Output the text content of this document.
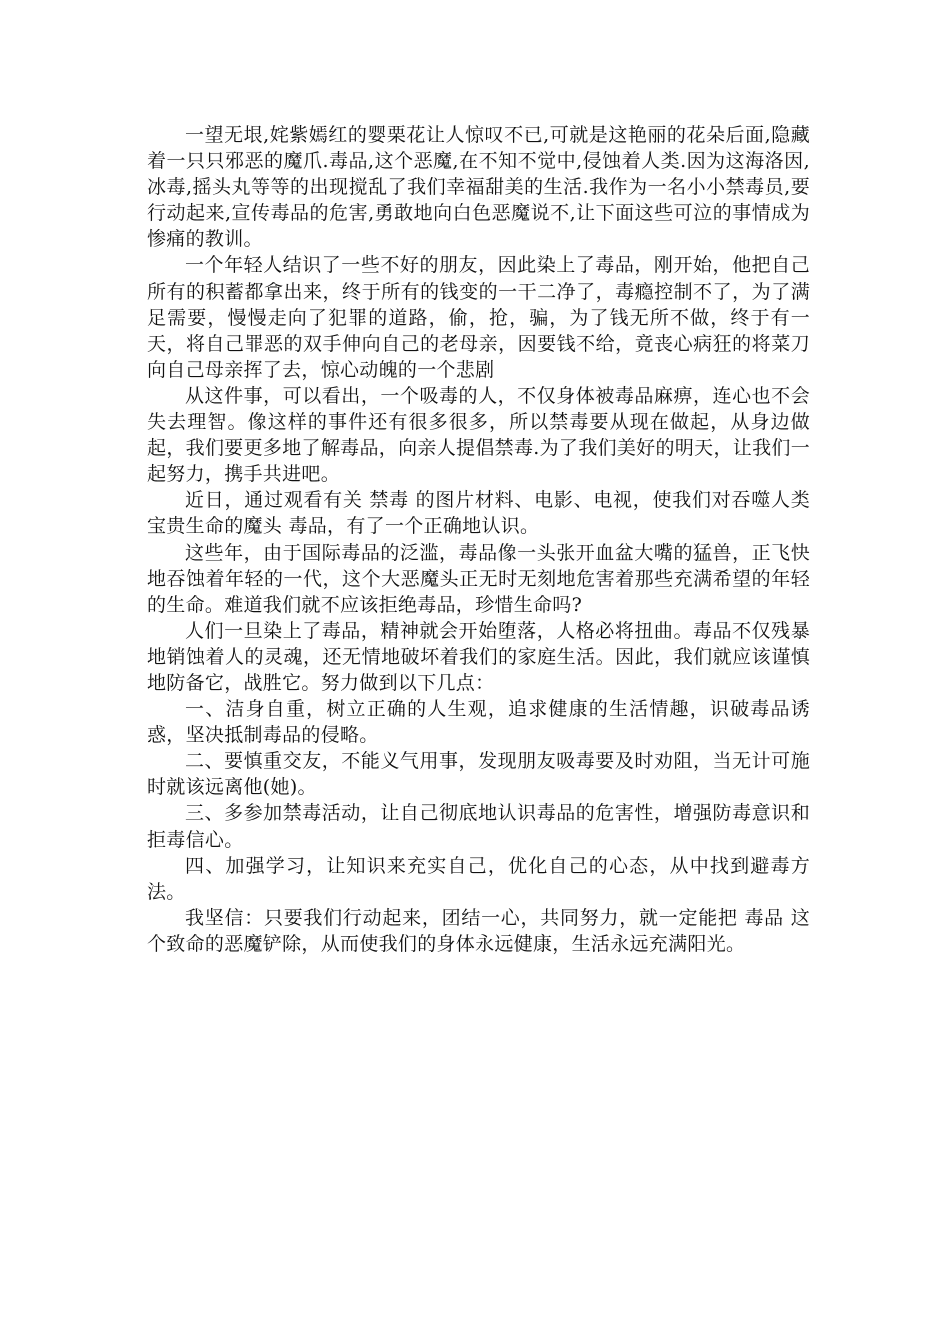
一望无垠,姹紫嫣红的婴栗花让人惊叹不已,可就是这艳丽的花朵后面,隐藏着一只只邪恶的魔爪.毒品,这个恶魔,在不知不觉中,侵蚀着人类.因为这海洛因,冰毒,摇头丸等等的出现搅乱了我们幸福甜美的生活.我作为一名小小禁毒员,要行动起来,宣传毒品的危害,勇敢地向白色恶魔说不,让下面这些可泣的事情成为惨痛的教训。

一个年轻人结识了一些不好的朋友，因此染上了毒品，刚开始，他把自己所有的积蓄都拿出来，终于所有的钱变的一干二净了，毒瘾控制不了，为了满足需要，慢慢走向了犯罪的道路，偷，抢，骗，为了钱无所不做，终于有一天，将自己罪恶的双手伸向自己的老母亲，因要钱不给，竟丧心病狂的将菜刀向自己母亲挥了去，惊心动魄的一个悲剧

从这件事，可以看出，一个吸毒的人，不仅身体被毒品麻痹，连心也不会失去理智。像这样的事件还有很多很多，所以禁毒要从现在做起，从身边做起，我们要更多地了解毒品，向亲人提倡禁毒.为了我们美好的明天，让我们一起努力，携手共进吧。

近日，通过观看有关 禁毒 的图片材料、电影、电视，使我们对吞噬人类宝贵生命的魔头 毒品，有了一个正确地认识。

这些年，由于国际毒品的泛滥，毒品像一头张开血盆大嘴的猛兽，正飞快地吞蚀着年轻的一代，这个大恶魔头正无时无刻地危害着那些充满希望的年轻的生命。难道我们就不应该拒绝毒品，珍惜生命吗?

人们一旦染上了毒品，精神就会开始堕落，人格必将扭曲。毒品不仅残暴地销蚀着人的灵魂，还无情地破坏着我们的家庭生活。因此，我们就应该谨慎地防备它，战胜它。努力做到以下几点：

一、洁身自重，树立正确的人生观，追求健康的生活情趣，识破毒品诱惑，坚决抵制毒品的侵略。

二、要慎重交友，不能义气用事，发现朋友吸毒要及时劝阻，当无计可施时就该远离他(她)。

三、多参加禁毒活动，让自己彻底地认识毒品的危害性，增强防毒意识和拒毒信心。

四、加强学习，让知识来充实自己，优化自己的心态，从中找到避毒方法。

我坚信：只要我们行动起来，团结一心，共同努力，就一定能把 毒品 这个致命的恶魔铲除，从而使我们的身体永远健康，生活永远充满阳光。
